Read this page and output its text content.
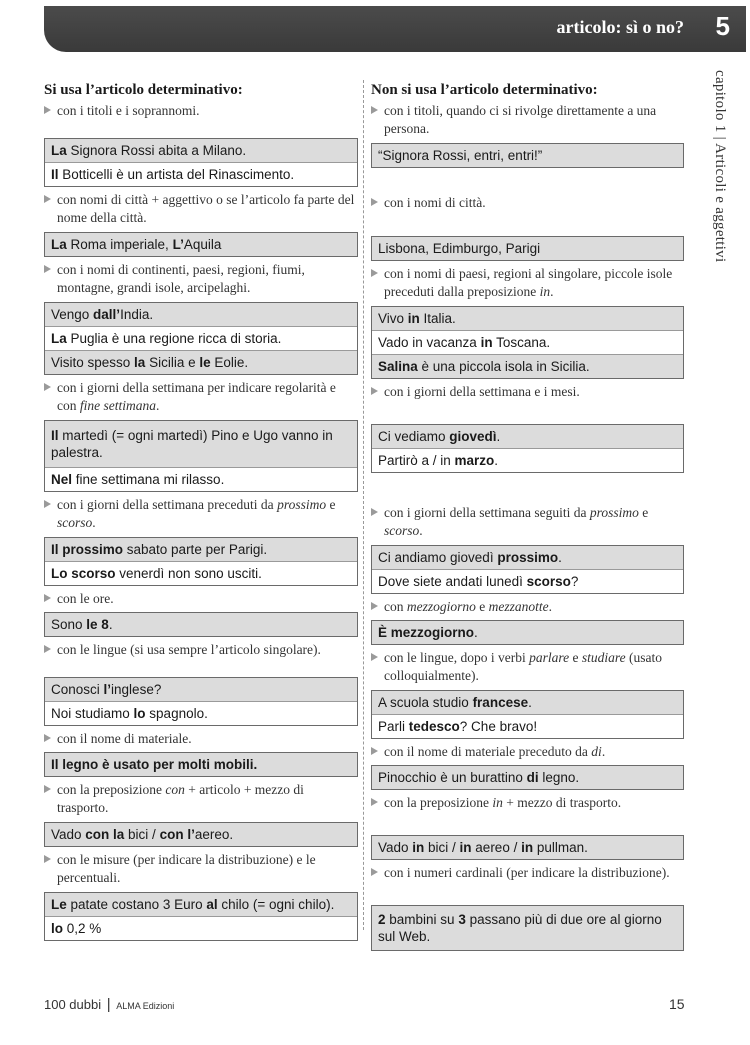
articolo: sì o no? 5
capitolo 1 | Articoli e aggettivi
Si usa l’articolo determinativo:
con i titoli e i soprannomi.
La Signora Rossi abita a Milano.
Il Botticelli è un artista del Rinascimento.
con nomi di città + aggettivo o se l’articolo fa parte del nome della città.
La Roma imperiale, L’Aquila
con i nomi di continenti, paesi, regioni, fiumi, montagne, grandi isole, arcipelaghi.
Vengo dall’India.
La Puglia è una regione ricca di storia.
Visito spesso la Sicilia e le Eolie.
con i giorni della settimana per indicare regolarità e con fine settimana.
Il martedì (= ogni martedì) Pino e Ugo vanno in palestra.
Nel fine settimana mi rilasso.
con i giorni della settimana preceduti da prossimo e scorso.
Il prossimo sabato parte per Parigi.
Lo scorso venerdì non sono usciti.
con le ore.
Sono le 8.
con le lingue (si usa sempre l’articolo singolare).
Conosci l’inglese?
Noi studiamo lo spagnolo.
con il nome di materiale.
Il legno è usato per molti mobili.
con la preposizione con + articolo + mezzo di trasporto.
Vado con la bici / con l’aereo.
con le misure (per indicare la distribuzione) e le percentuali.
Le patate costano 3 Euro al chilo (= ogni chilo).
lo 0,2 %
Non si usa l’articolo determinativo:
con i titoli, quando ci si rivolge direttamente a una persona.
“Signora Rossi, entri, entri!”
con i nomi di città.
Lisbona, Edimburgo, Parigi
con i nomi di paesi, regioni al singolare, piccole isole preceduti dalla preposizione in.
Vivo in Italia.
Vado in vacanza in Toscana.
Salina è una piccola isola in Sicilia.
con i giorni della settimana e i mesi.
Ci vediamo giovedì.
Partirò a / in marzo.
con i giorni della settimana seguiti da prossimo e scorso.
Ci andiamo giovedì prossimo.
Dove siete andati lunedì scorso?
con mezzogiorno e mezzanotte.
È mezzogiorno.
con le lingue, dopo i verbi parlare e studiare (usato colloquialmente).
A scuola studio francese.
Parli tedesco? Che bravo!
con il nome di materiale preceduto da di.
Pinocchio è un burattino di legno.
con la preposizione in + mezzo di trasporto.
Vado in bici / in aereo / in pullman.
con i numeri cardinali (per indicare la distribuzione).
2 bambini su 3 passano più di due ore al giorno sul Web.
100 dubbi | ALMA Edizioni	15
